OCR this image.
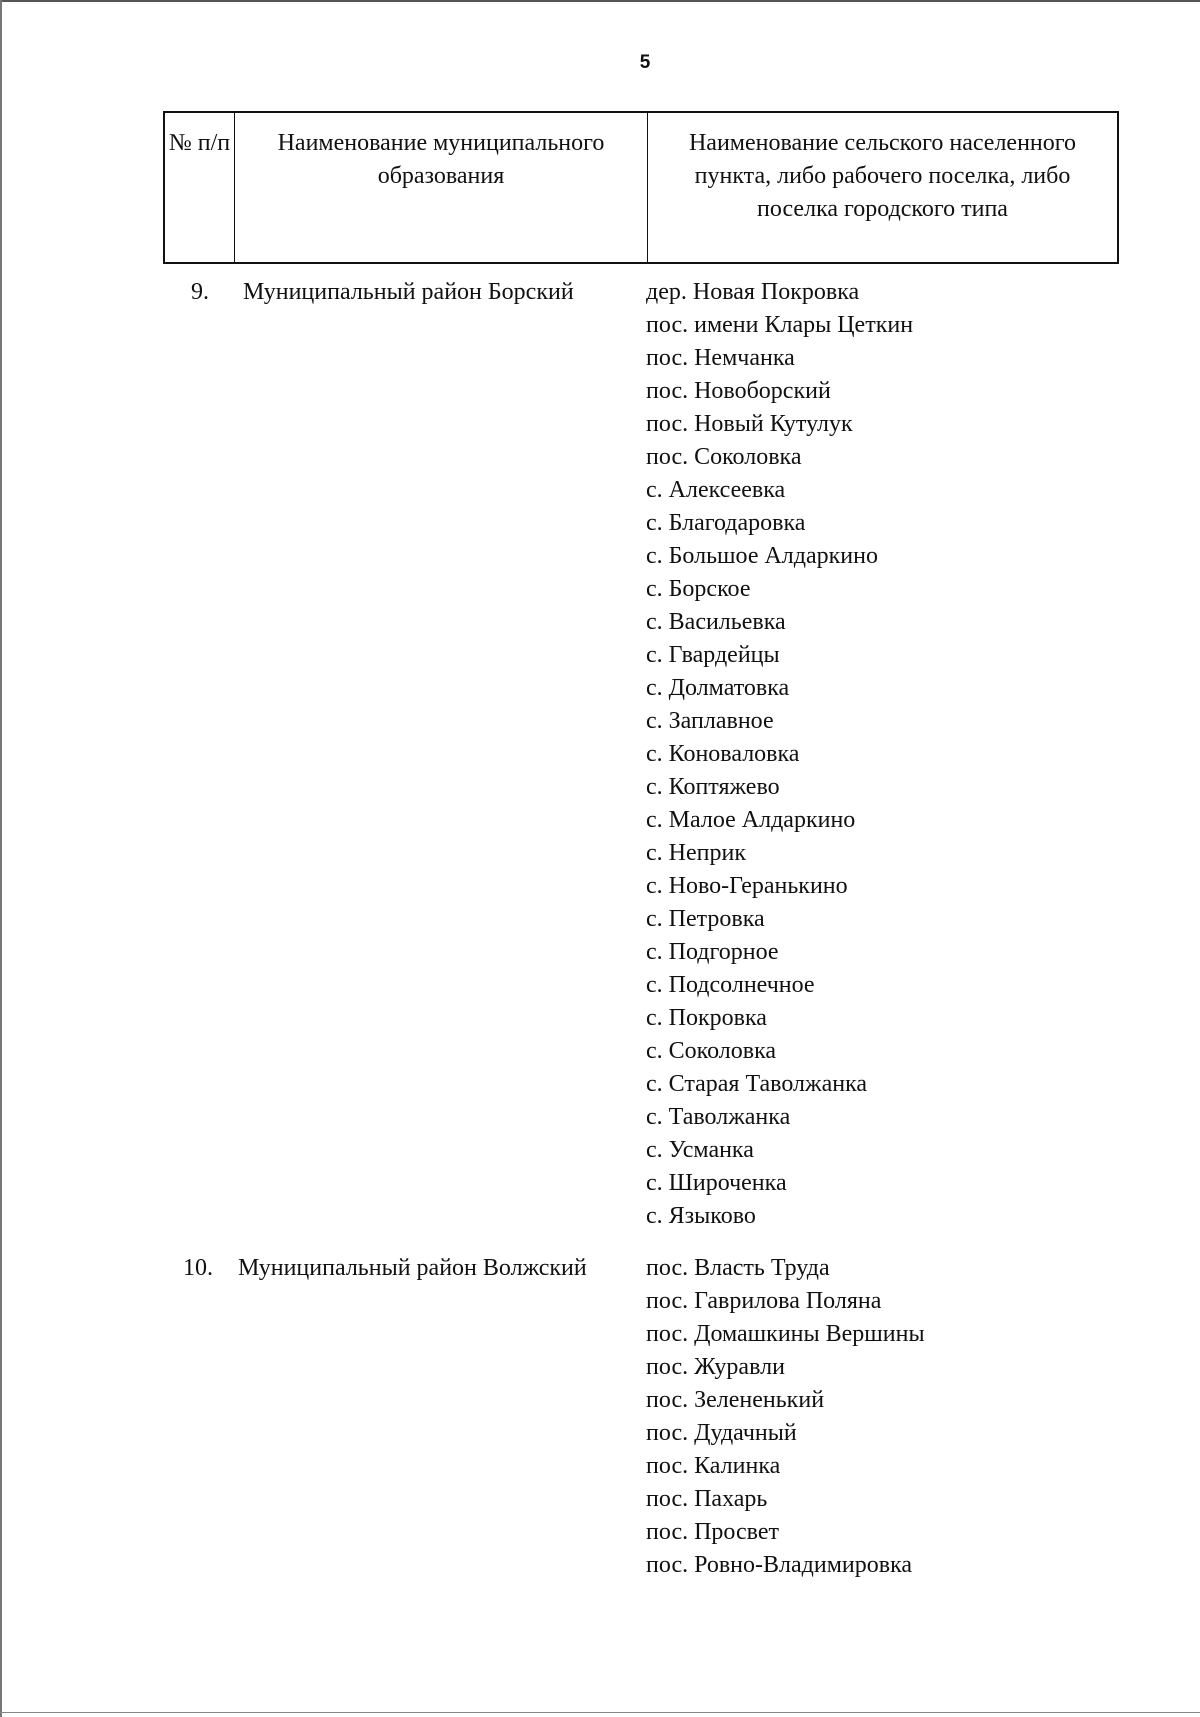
5
№ п/п	Наименование муниципального образования
Наименование сельского населенного пункта, либо рабочего поселка, либо поселка городского типа
9.	Муниципальный район Борский	дер. Новая Покровка
пос. имени Клары Цеткин
пос. Немчанка
пос. Новоборский
пос. Новый Кутулук
пос. Соколовка
с. Алексеевка
с. Благодаровка
с. Большое Алдаркино
с. Борское
с. Васильевка
с. Гвардейцы
с. Долматовка
с. Заплавное
с. Коноваловка
с. Коптяжево
с. Малое Алдаркино
с. Неприк
с. Ново-Геранькино
с. Петровка
с. Подгорное
с. Подсолнечное
с. Покровка
с. Соколовка
с. Старая Таволжанка
с. Таволжанка
с. Усманка
с. Широченка
с. Языково
10.	Муниципальный район Волжский	пос. Власть Труда
пос. Гаврилова Поляна
пос. Домашкины Вершины
пос. Журавли
пос. Зелененький
пос. Дудачный
пос. Калинка
пос. Пахарь
пос. Просвет
пос. Ровно-Владимировка
